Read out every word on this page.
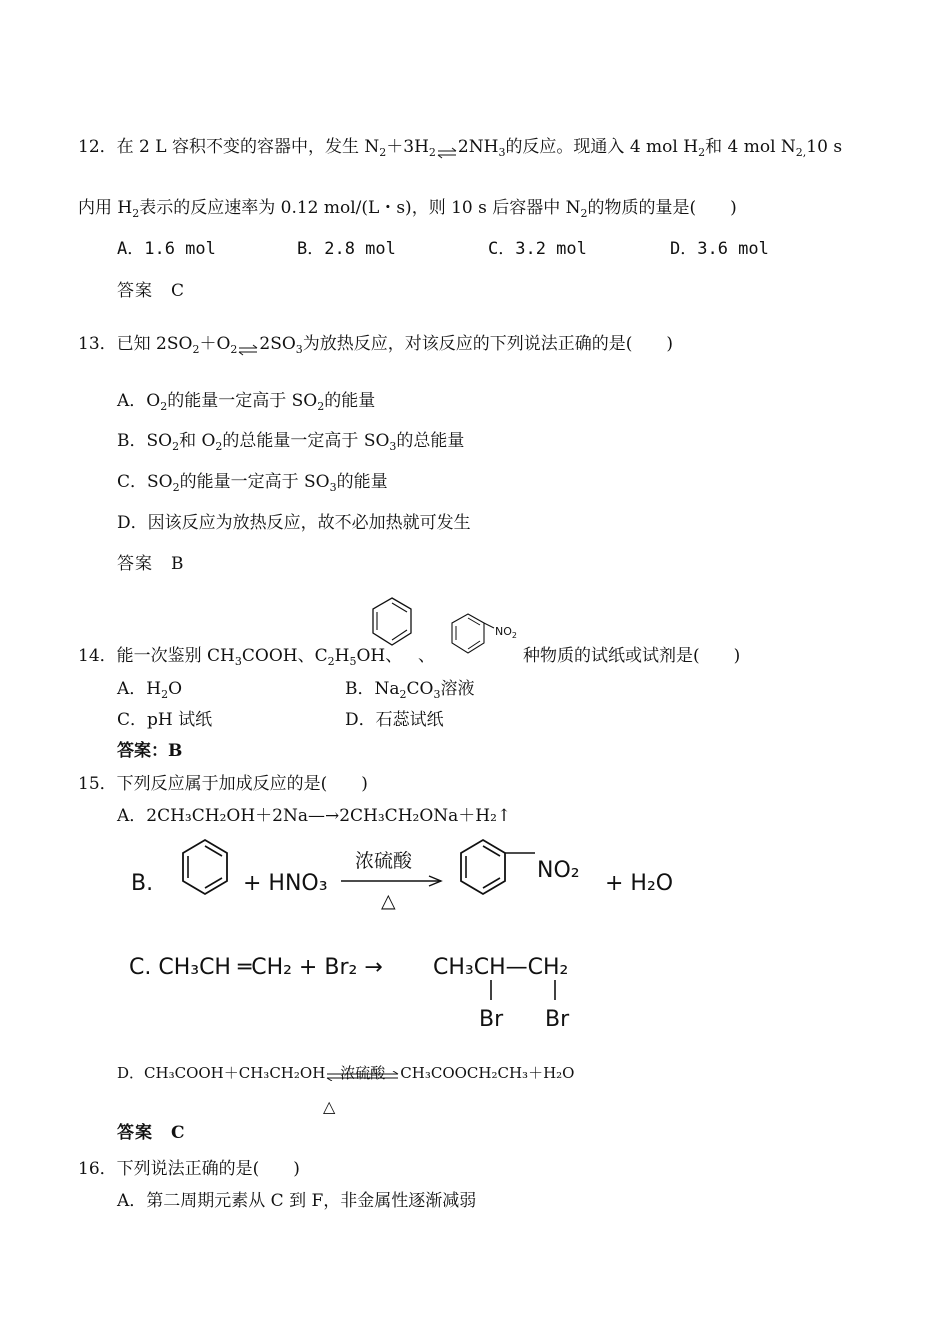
12．在 2 L 容积不变的容器中，发生 $N_2+3H_2\rightleftharpoons 2NH_3$的反应。现通入 4 mol $H_2$和 4 mol $N_{2,}10$ s
内用 $H_2$表示的反应速率为 0.12 mol/(L・s)，则 10 s 后容器中 $N_2$的物质的量是(　　)
A．1.6 mol	B．2.8 mol	C．3.2 mol	D．3.6 mol
答案　C
13．已知 $2SO_2+O_2\rightleftharpoons 2SO_3$为放热反应，对该反应的下列说法正确的是(　　)
A．$O_2$的能量一定高于 $SO_2$的能量
B．$SO_2$和 $O_2$的总能量一定高于 $SO_3$的总能量
C．$SO_2$的能量一定高于 $SO_3$的能量
D．因该反应为放热反应，故不必加热就可发生
答案　B
$NO_2$
14．能一次鉴别 $CH_3COOH$、$C_2H_5OH$、 、	种物质的试纸或试剂是(　　)
A．$H_2O$	B．$Na_2CO_3$溶液
C．pH 试纸	D．石蕊试纸
答案：B
15．下列反应属于加成反应的是(　　)
A．2CH₃CH₂OH＋2Na—→2CH₃CH₂ONa＋H₂↑
B.	+ HNO₃
浓硫酸
△
NO₂
+ H₂O
C. CH₃CH ═CH₂ + Br₂ → CH₃CH—CH₂
Br Br
D．CH₃COOH＋CH₃CH₂OH 浓硫酸 CH₃COOCH₂CH₃＋H₂O
△
答案　C
16．下列说法正确的是(　　)
A．第二周期元素从 C 到 F，非金属性逐渐减弱
